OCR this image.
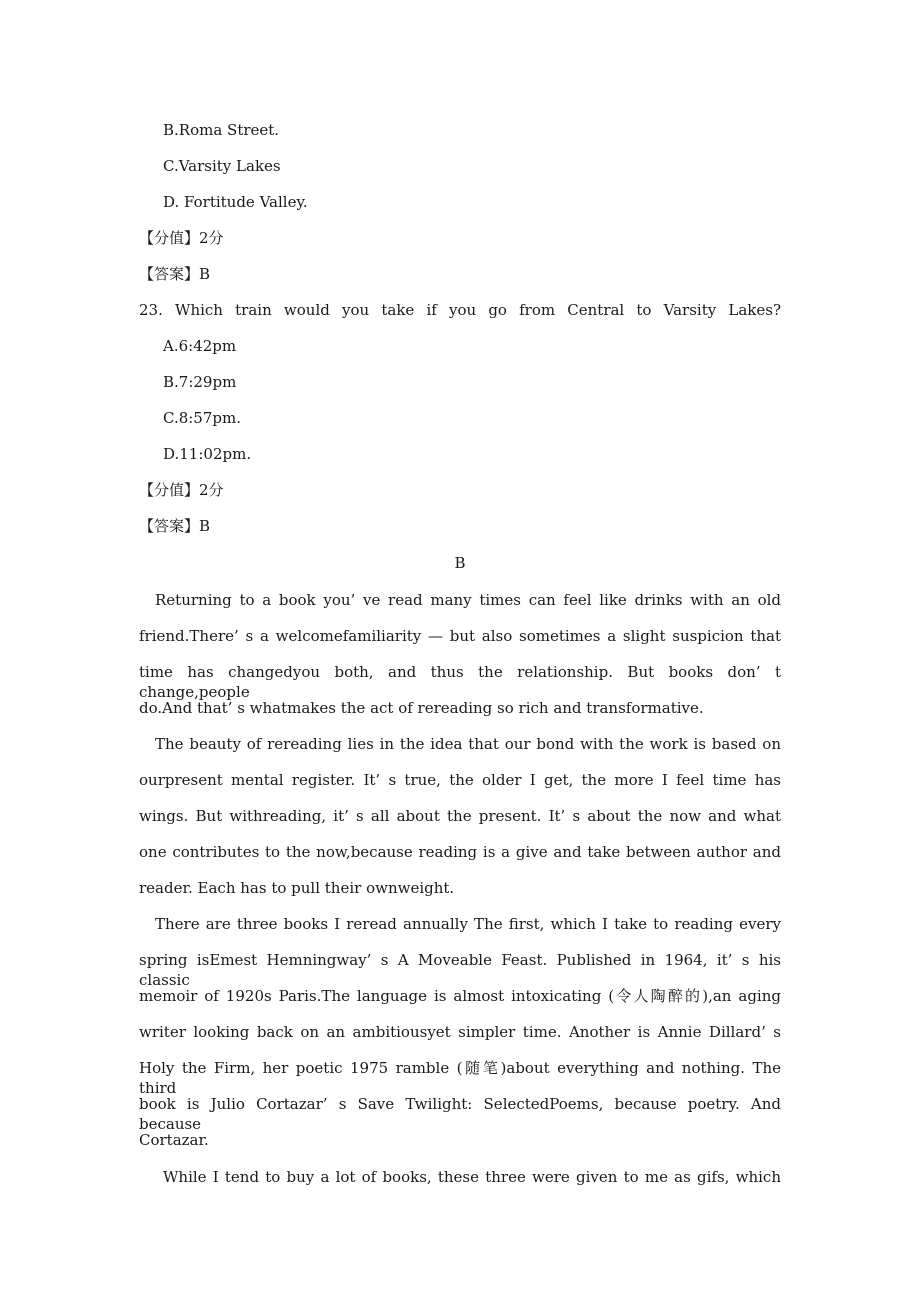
B.Roma Street.
C.Varsity Lakes
D. Fortitude Valley.
【分值】2分
【答案】B
23. Which train would you take if you go from Central to Varsity Lakes?
A.6:42pm
B.7:29pm
C.8:57pm.
D.11:02pm.
【分值】2分
【答案】B
B
Returning to a book you’ ve read many times can feel like drinks with an old
friend.There’ s a welcomefamiliarity — but also sometimes a slight suspicion that
time has changedyou both, and thus the relationship. But books don’ t change,people
do.And that’ s whatmakes the act of rereading so rich and transformative.
The beauty of rereading lies in the idea that our bond with the work is based on
ourpresent mental register. It’ s true, the older I get, the more I feel time has
wings. But withreading, it’ s all about the present. It’ s about the now and what
one contributes to the now,because reading is a give and take between author and
reader. Each has to pull their ownweight.
There are three books I reread annually The first, which I take to reading every
spring isEmest Hemningway’ s A Moveable Feast. Published in 1964, it’ s his classic
memoir of 1920s Paris.The language is almost intoxicating (令人陶醉的),an aging
writer looking back on an ambitiousyet simpler time. Another is Annie Dillard’ s
Holy the Firm, her poetic 1975 ramble (随笔)about everything and nothing. The third
book is Julio Cortazar’ s Save Twilight: SelectedPoems, because poetry. And because
Cortazar.
While I tend to buy a lot of books, these three were given to me as gifs, which
